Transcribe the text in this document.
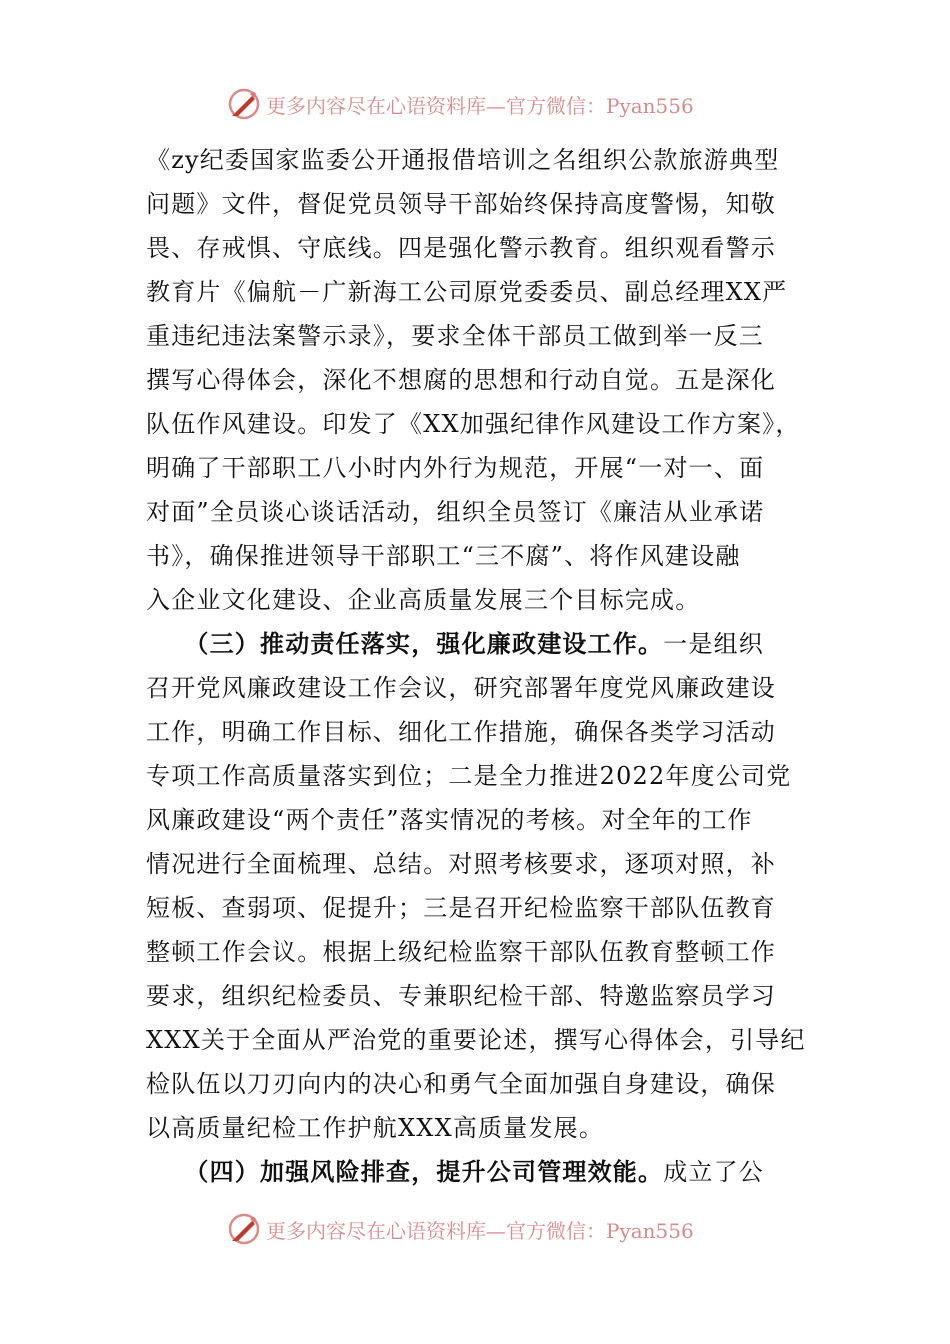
更多内容尽在心语资料库—官方微信：Pyan556
《zy纪委国家监委公开通报借培训之名组织公款旅游典型
问题》文件，督促党员领导干部始终保持高度警惕，知敬
畏、存戒惧、守底线。四是强化警示教育。组织观看警示
教育片《偏航－广新海工公司原党委委员、副总经理XX严
重违纪违法案警示录》，要求全体干部员工做到举一反三
撰写心得体会，深化不想腐的思想和行动自觉。五是深化
队伍作风建设。印发了《XX加强纪律作风建设工作方案》，
明确了干部职工八小时内外行为规范，开展“一对一、面
对面”全员谈心谈话活动，组织全员签订《廉洁从业承诺
书》，确保推进领导干部职工“三不腐”、将作风建设融
入企业文化建设、企业高质量发展三个目标完成。
　　（三）推动责任落实，强化廉政建设工作。一是组织
召开党风廉政建设工作会议，研究部署年度党风廉政建设
工作，明确工作目标、细化工作措施，确保各类学习活动
专项工作高质量落实到位；二是全力推进2022年度公司党
风廉政建设“两个责任”落实情况的考核。对全年的工作
情况进行全面梳理、总结。对照考核要求，逐项对照，补
短板、查弱项、促提升；三是召开纪检监察干部队伍教育
整顿工作会议。根据上级纪检监察干部队伍教育整顿工作
要求，组织纪检委员、专兼职纪检干部、特邀监察员学习
XXX关于全面从严治党的重要论述，撰写心得体会，引导纪
检队伍以刀刃向内的决心和勇气全面加强自身建设，确保
以高质量纪检工作护航XXX高质量发展。
　　（四）加强风险排查，提升公司管理效能。成立了公
更多内容尽在心语资料库—官方微信：Pyan556
